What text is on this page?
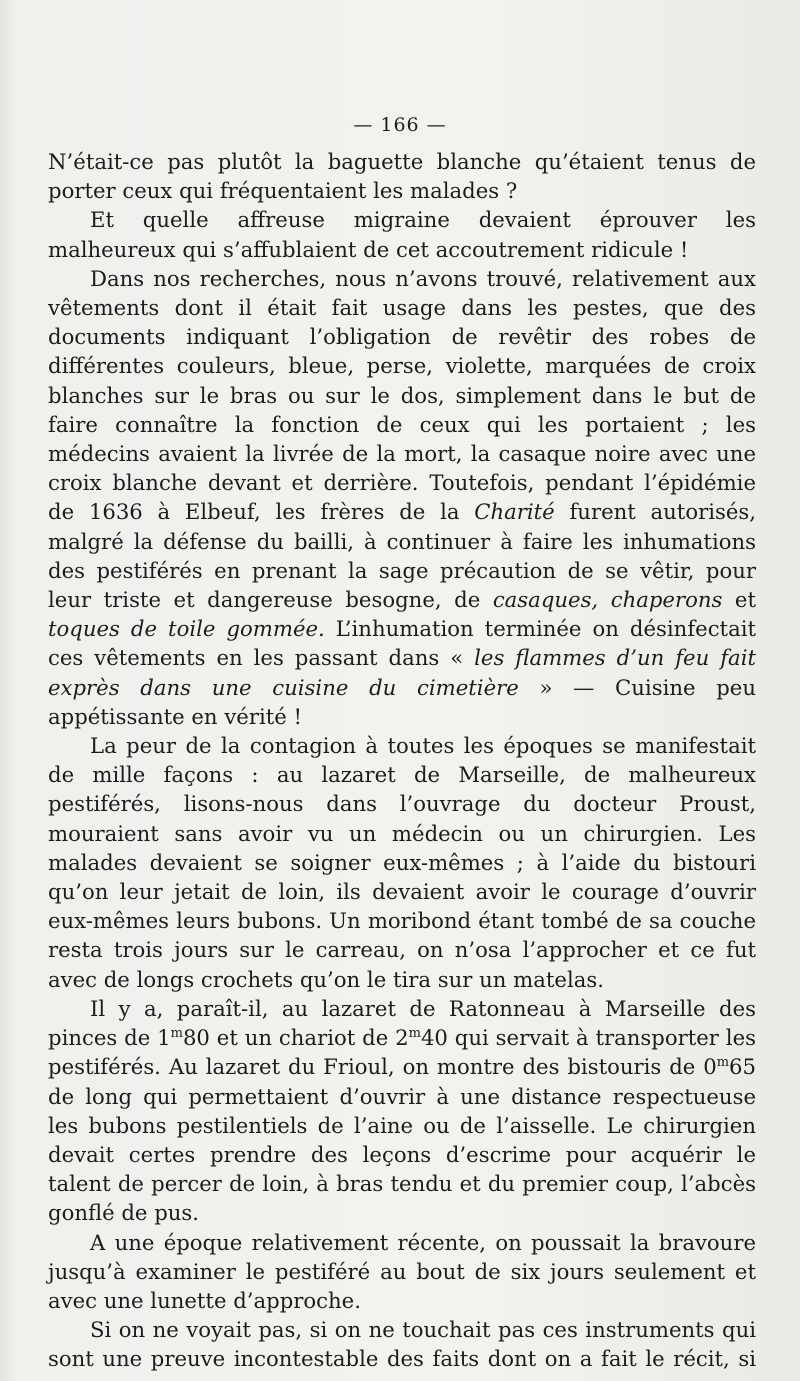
— 166 —

N’était-ce pas plutôt la baguette blanche qu’étaient tenus de porter ceux qui fréquentaient les malades ?

Et quelle affreuse migraine devaient éprouver les malheureux qui s’affublaient de cet accoutrement ridicule !

Dans nos recherches, nous n’avons trouvé, relativement aux vêtements dont il était fait usage dans les pestes, que des documents indiquant l’obligation de revêtir des robes de différentes couleurs, bleue, perse, violette, marquées de croix blanches sur le bras ou sur le dos, simplement dans le but de faire connaître la fonction de ceux qui les portaient ; les médecins avaient la livrée de la mort, la casaque noire avec une croix blanche devant et derrière. Toutefois, pendant l’épidémie de 1636 à Elbeuf, les frères de la Charité furent autorisés, malgré la défense du bailli, à continuer à faire les inhumations des pestiférés en prenant la sage précaution de se vêtir, pour leur triste et dangereuse besogne, de casaques, chaperons et toques de toile gommée. L’inhumation terminée on désinfectait ces vêtements en les passant dans « les flammes d’un feu fait exprès dans une cuisine du cimetière » — Cuisine peu appétissante en vérité !

La peur de la contagion à toutes les époques se manifestait de mille façons : au lazaret de Marseille, de malheureux pestiférés, lisons-nous dans l’ouvrage du docteur Proust, mouraient sans avoir vu un médecin ou un chirurgien. Les malades devaient se soigner eux-mêmes ; à l’aide du bistouri qu’on leur jetait de loin, ils devaient avoir le courage d’ouvrir eux-mêmes leurs bubons. Un moribond étant tombé de sa couche resta trois jours sur le carreau, on n’osa l’approcher et ce fut avec de longs crochets qu’on le tira sur un matelas.

Il y a, paraît-il, au lazaret de Ratonneau à Marseille des pinces de 1$^m$80 et un chariot de 2$^m$40 qui servait à transporter les pestiférés. Au lazaret du Frioul, on montre des bistouris de 0$^m$65 de long qui permettaient d’ouvrir à une distance respectueuse les bubons pestilentiels de l’aine ou de l’aisselle. Le chirurgien devait certes prendre des leçons d’escrime pour acquérir le talent de percer de loin, à bras tendu et du premier coup, l’abcès gonflé de pus.

A une époque relativement récente, on poussait la bravoure jusqu’à examiner le pestiféré au bout de six jours seulement et avec une lunette d’approche.

Si on ne voyait pas, si on ne touchait pas ces instruments qui sont une preuve incontestable des faits dont on a fait le récit, si
